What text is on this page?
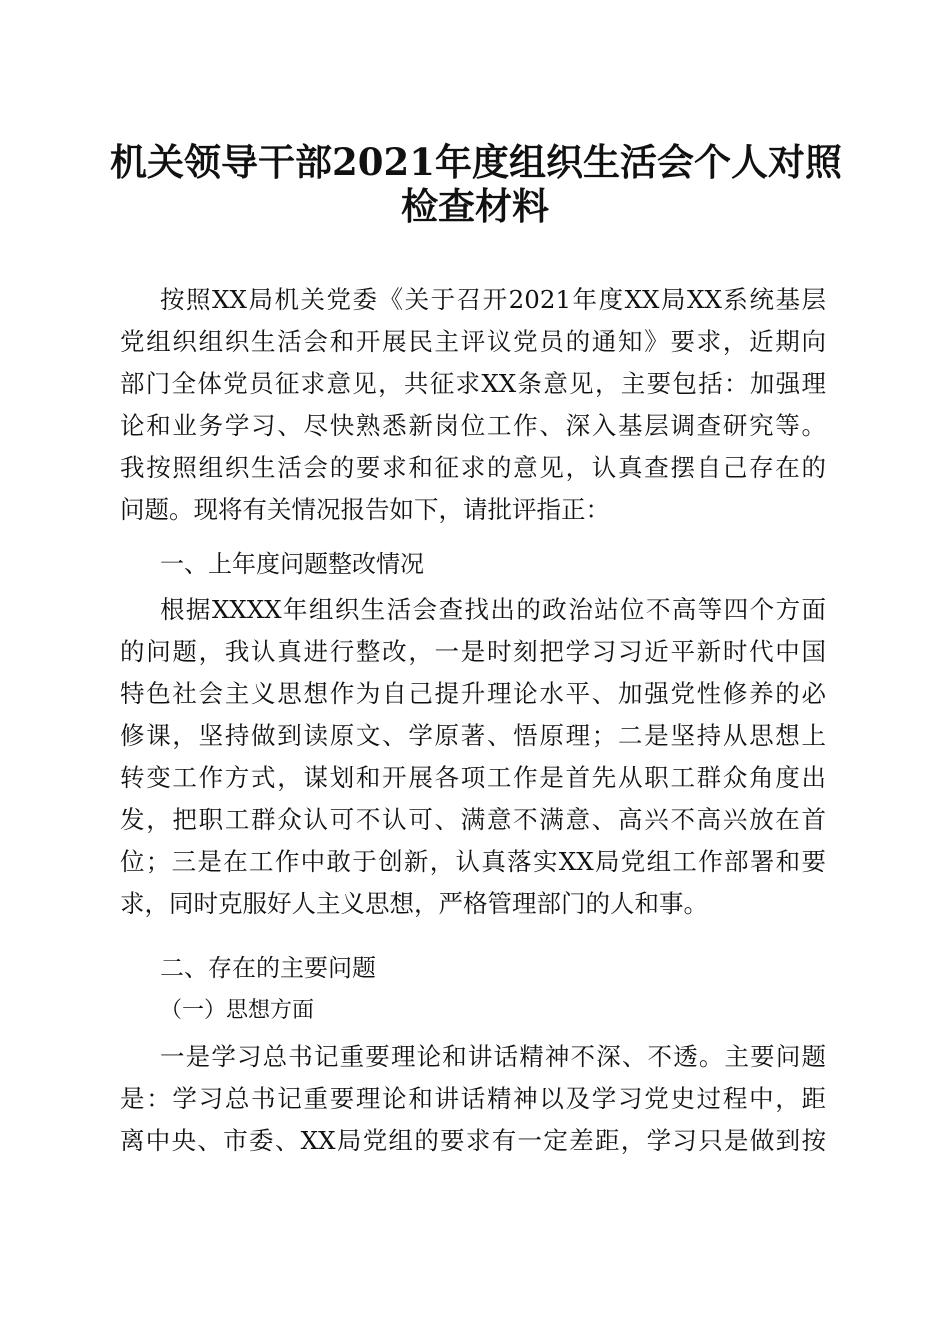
机关领导干部2021年度组织生活会个人对照
检查材料
按照XX局机关党委《关于召开2021年度XX局XX系统基层
党组织组织生活会和开展民主评议党员的通知》要求，近期向
部门全体党员征求意见，共征求XX条意见，主要包括：加强理
论和业务学习、尽快熟悉新岗位工作、深入基层调查研究等。
我按照组织生活会的要求和征求的意见，认真查摆自己存在的
问题。现将有关情况报告如下，请批评指正：
一、上年度问题整改情况
根据XXXX年组织生活会查找出的政治站位不高等四个方面
的问题，我认真进行整改，一是时刻把学习习近平新时代中国
特色社会主义思想作为自己提升理论水平、加强党性修养的必
修课，坚持做到读原文、学原著、悟原理；二是坚持从思想上
转变工作方式，谋划和开展各项工作是首先从职工群众角度出
发，把职工群众认可不认可、满意不满意、高兴不高兴放在首
位；三是在工作中敢于创新，认真落实XX局党组工作部署和要
求，同时克服好人主义思想，严格管理部门的人和事。
二、存在的主要问题
（一）思想方面
一是学习总书记重要理论和讲话精神不深、不透。主要问题
是：学习总书记重要理论和讲话精神以及学习党史过程中，距
离中央、市委、XX局党组的要求有一定差距，学习只是做到按
